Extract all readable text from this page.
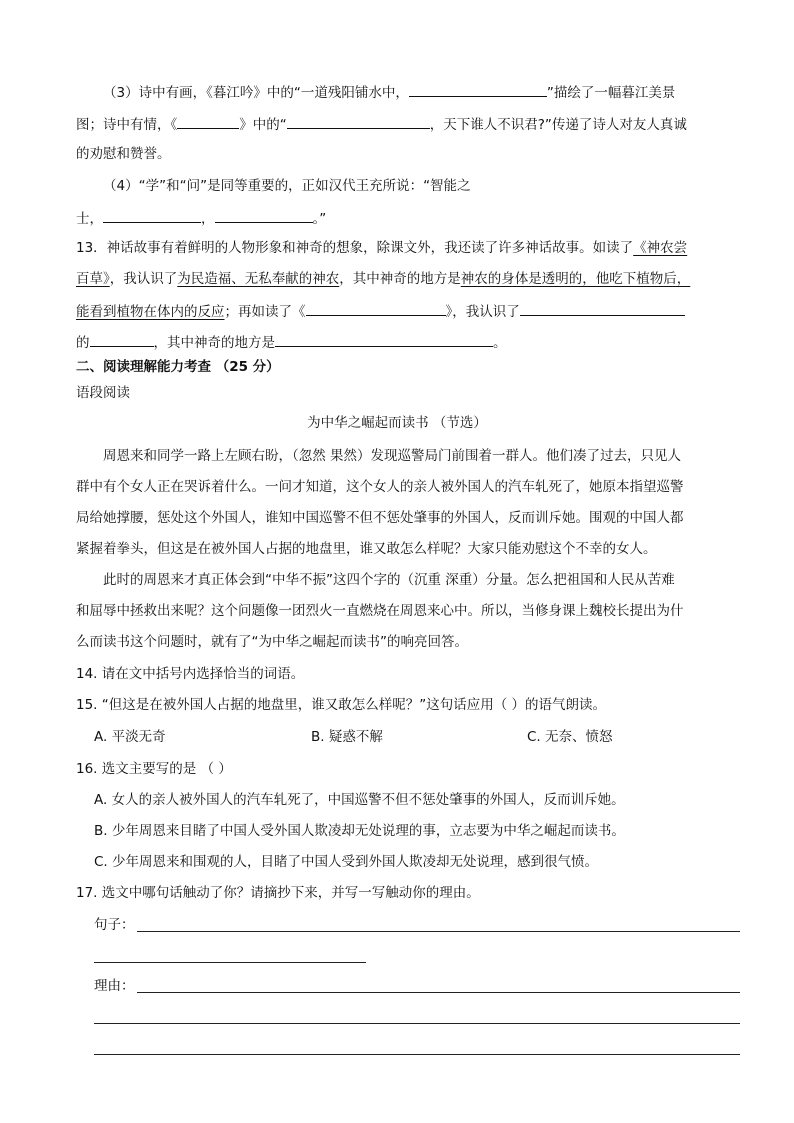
（3）诗中有画，《暮江吟》中的“一道残阳铺水中，	”描绘了一幅暮江美景
图；诗中有情，《	》中的“	，天下谁人不识君?”传递了诗人对友人真诚
的劝慰和赞誉。
（4）“学”和“问”是同等重要的，正如汉代王充所说：“智能之
士，	，	。”
13．神话故事有着鲜明的人物形象和神奇的想象，除课文外，我还读了许多神话故事。如读了《神农尝
百草》，我认识了为民造福、无私奉献的神农，其中神奇的地方是神农的身体是透明的，他吃下植物后，
能看到植物在体内的反应；再如读了《	》，我认识了
的	，其中神奇的地方是	。
二、阅读理解能力考查 （25 分）
语段阅读
为中华之崛起而读书 （节选）
周恩来和同学一路上左顾右盼，（忽然 果然）发现巡警局门前围着一群人。他们凑了过去，只见人
群中有个女人正在哭诉着什么。一问才知道，这个女人的亲人被外国人的汽车轧死了，她原本指望巡警
局给她撑腰，惩处这个外国人，谁知中国巡警不但不惩处肇事的外国人，反而训斥她。围观的中国人都
紧握着拳头，但这是在被外国人占据的地盘里，谁又敢怎么样呢？大家只能劝慰这个不幸的女人。
此时的周恩来才真正体会到“中华不振”这四个字的（沉重 深重）分量。怎么把祖国和人民从苦难
和屈辱中拯救出来呢？这个问题像一团烈火一直燃烧在周恩来心中。所以，当修身课上魏校长提出为什
么而读书这个问题时，就有了“为中华之崛起而读书”的响亮回答。
14. 请在文中括号内选择恰当的词语。
15. “但这是在被外国人占据的地盘里，谁又敢怎么样呢？”这句话应用（ ）的语气朗读。
A. 平淡无奇	B. 疑惑不解	C. 无奈、愤怒
16. 选文主要写的是 （ ）
A. 女人的亲人被外国人的汽车轧死了，中国巡警不但不惩处肇事的外国人，反而训斥她。
B. 少年周恩来目睹了中国人受外国人欺凌却无处说理的事，立志要为中华之崛起而读书。
C. 少年周恩来和围观的人，目睹了中国人受到外国人欺凌却无处说理，感到很气愤。
17. 选文中哪句话触动了你？请摘抄下来，并写一写触动你的理由。
句子：
理由：
